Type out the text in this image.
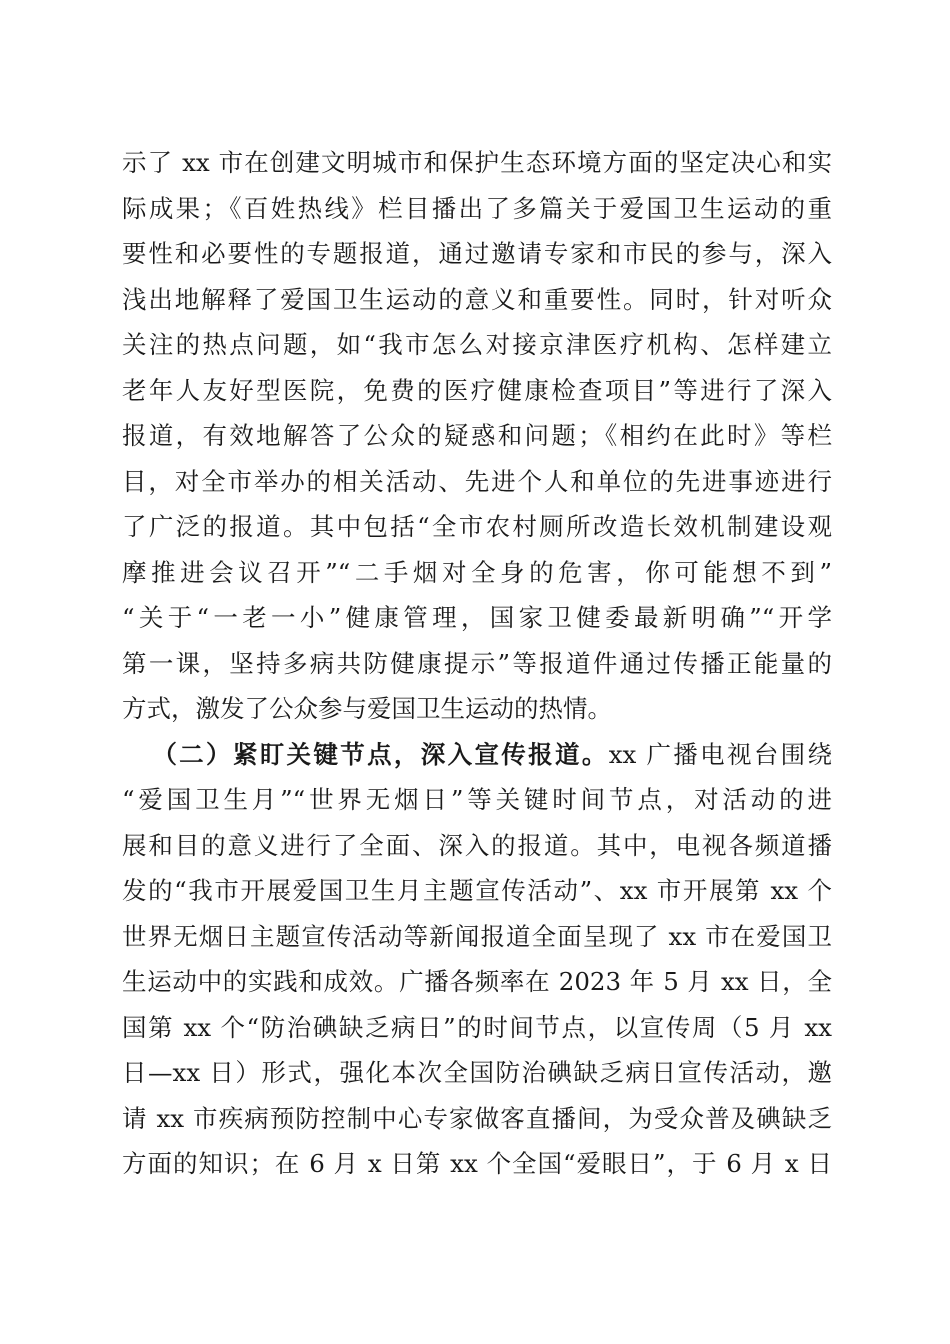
示了 xx 市在创建文明城市和保护生态环境方面的坚定决心和实
际成果；《百姓热线》栏目播出了多篇关于爱国卫生运动的重
要性和必要性的专题报道，通过邀请专家和市民的参与，深入
浅出地解释了爱国卫生运动的意义和重要性。同时，针对听众
关注的热点问题，如“我市怎么对接京津医疗机构、怎样建立
老年人友好型医院，免费的医疗健康检查项目”等进行了深入
报道，有效地解答了公众的疑惑和问题；《相约在此时》等栏
目，对全市举办的相关活动、先进个人和单位的先进事迹进行
了广泛的报道。其中包括“全市农村厕所改造长效机制建设观
摩推进会议召开”“二手烟对全身的危害，你可能想不到”
“关于“一老一小”健康管理，国家卫健委最新明确”“开学
第一课，坚持多病共防健康提示”等报道件通过传播正能量的
方式，激发了公众参与爱国卫生运动的热情。
（二）紧盯关键节点，深入宣传报道。xx 广播电视台围绕
“爱国卫生月”“世界无烟日”等关键时间节点，对活动的进
展和目的意义进行了全面、深入的报道。其中，电视各频道播
发的“我市开展爱国卫生月主题宣传活动”、xx 市开展第 xx 个
世界无烟日主题宣传活动等新闻报道全面呈现了 xx 市在爱国卫
生运动中的实践和成效。广播各频率在 2023 年 5 月 xx 日，全
国第 xx 个“防治碘缺乏病日”的时间节点，以宣传周（5 月 xx
日—xx 日）形式，强化本次全国防治碘缺乏病日宣传活动，邀
请 xx 市疾病预防控制中心专家做客直播间，为受众普及碘缺乏
方面的知识；在 6 月 x 日第 xx 个全国“爱眼日”，于 6 月 x 日
